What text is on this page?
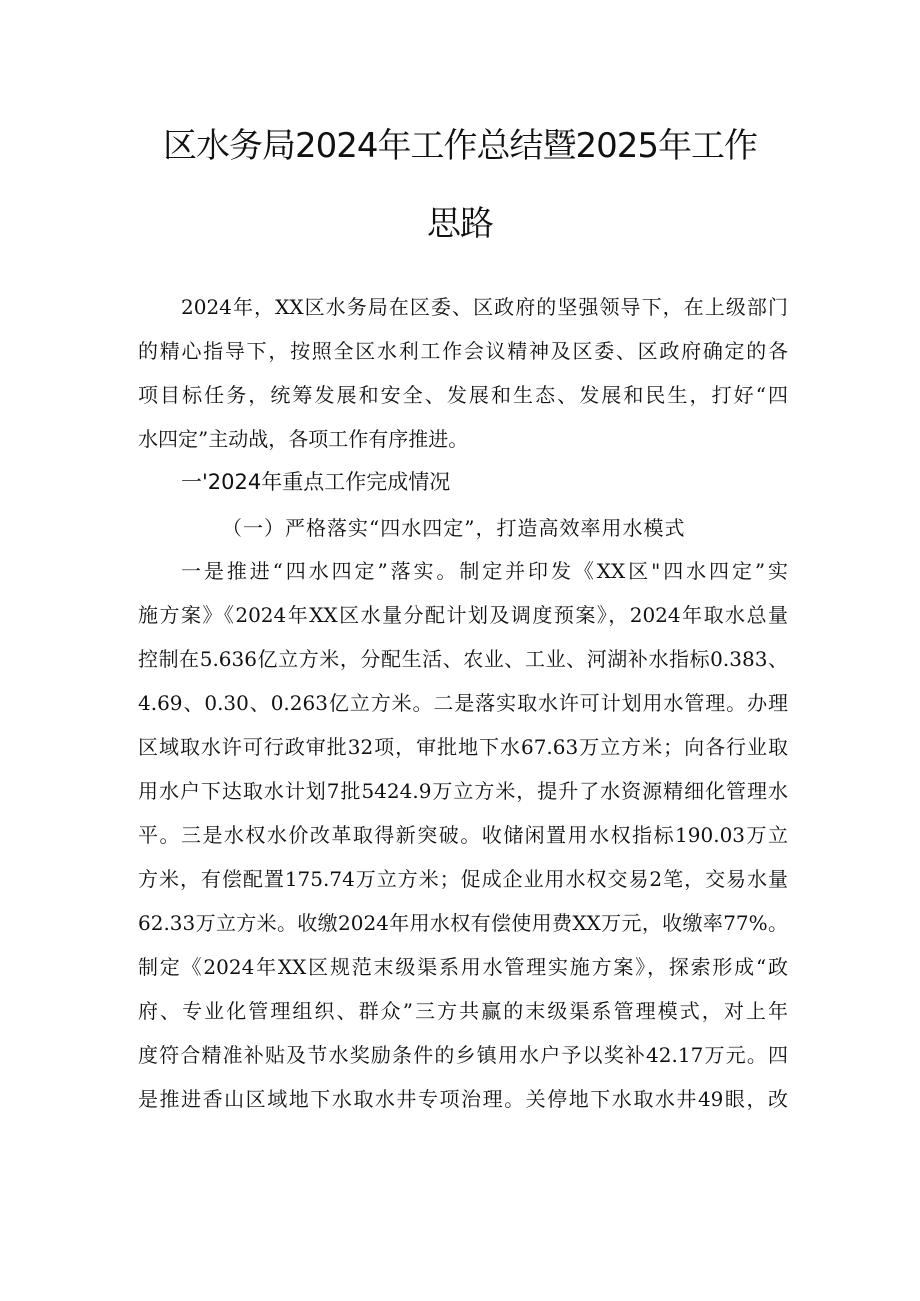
区水务局2024年工作总结暨2025年工作
思路
2024年，XX区水务局在区委、区政府的坚强领导下，在上级部门
的精心指导下，按照全区水利工作会议精神及区委、区政府确定的各
项目标任务，统筹发展和安全、发展和生态、发展和民生，打好“四
水四定”主动战，各项工作有序推进。
一'2024年重点工作完成情况
（一）严格落实“四水四定”，打造高效率用水模式
一是推进“四水四定”落实。制定并印发《XX区"四水四定”实
施方案》《2024年XX区水量分配计划及调度预案》，2024年取水总量
控制在5.636亿立方米，分配生活、农业、工业、河湖补水指标0.383、
4.69、0.30、0.263亿立方米。二是落实取水许可计划用水管理。办理
区域取水许可行政审批32项，审批地下水67.63万立方米；向各行业取
用水户下达取水计划7批5424.9万立方米，提升了水资源精细化管理水
平。三是水权水价改革取得新突破。收储闲置用水权指标190.03万立
方米，有偿配置175.74万立方米；促成企业用水权交易2笔，交易水量
62.33万立方米。收缴2024年用水权有偿使用费XX万元，收缴率77%。
制定《2024年XX区规范末级渠系用水管理实施方案》，探索形成“政
府、专业化管理组织、群众”三方共赢的末级渠系管理模式，对上年
度符合精准补贴及节水奖励条件的乡镇用水户予以奖补42.17万元。四
是推进香山区域地下水取水井专项治理。关停地下水取水井49眼，改
